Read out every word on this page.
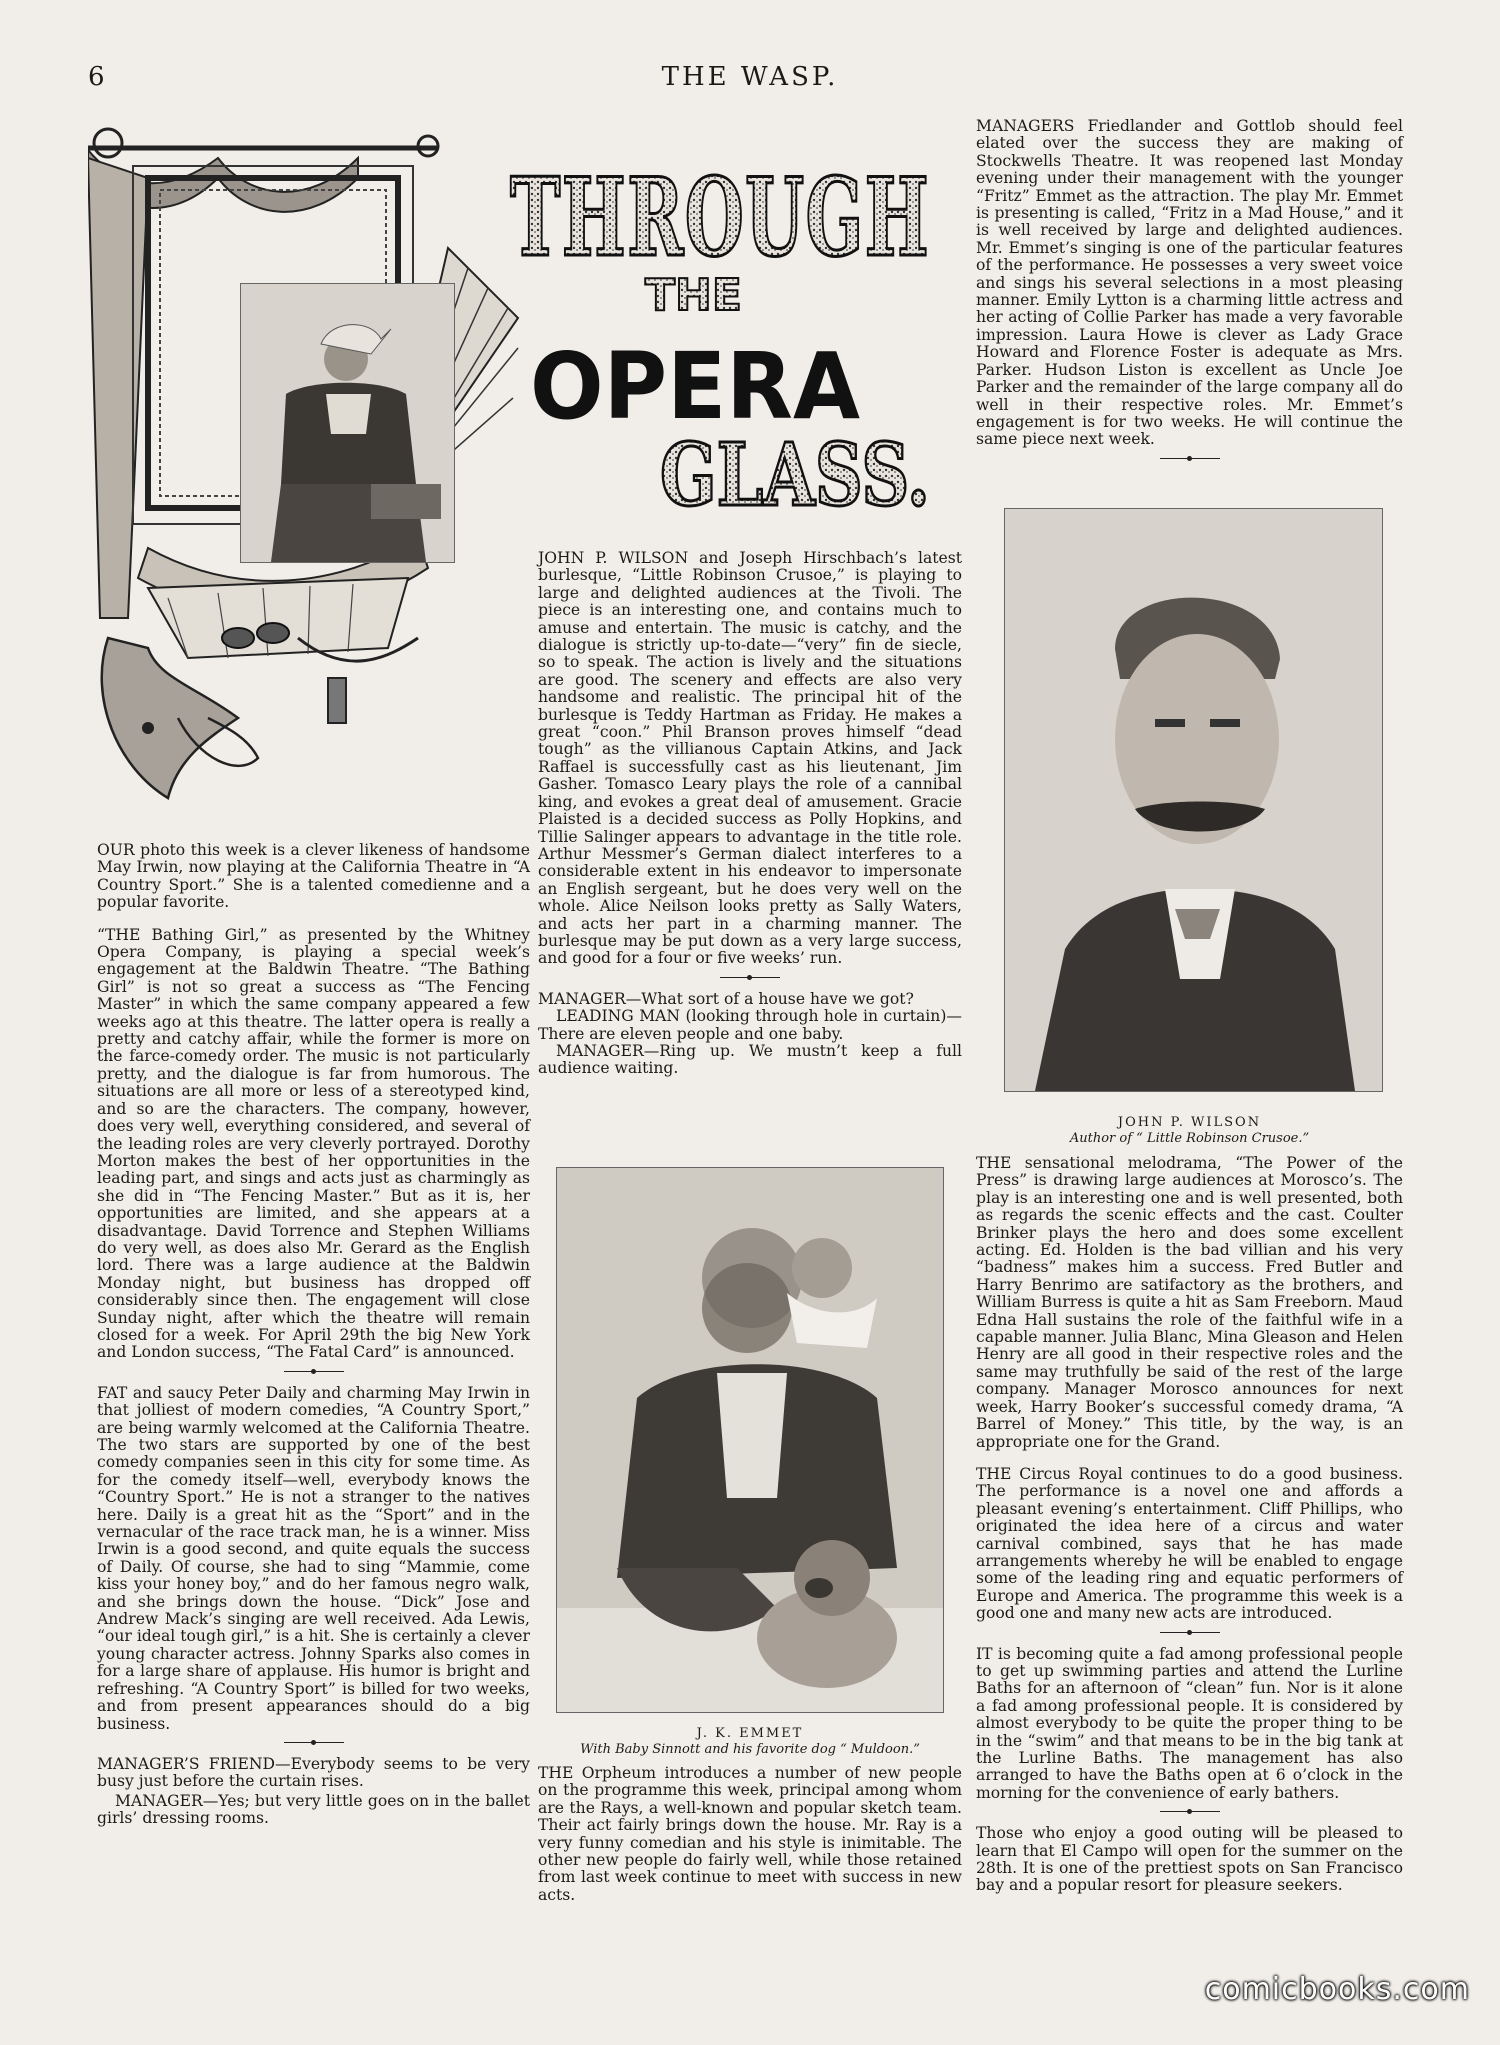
6	THE WASP.
THROUGH
THE
OPERA
GLASS.

OUR photo this week is a clever likeness of handsome May Irwin, now playing at the California Theatre in “A Country Sport.” She is a talented comedienne and a popular favorite.

“THE Bathing Girl,” as presented by the Whitney Opera Company, is playing a special week’s engagement at the Baldwin Theatre. “The Bathing Girl” is not so great a success as “The Fencing Master” in which the same company appeared a few weeks ago at this theatre. The latter opera is really a pretty and catchy affair, while the former is more on the farce-comedy order. The music is not particularly pretty, and the dialogue is far from humorous. The situations are all more or less of a stereotyped kind, and so are the characters. The company, however, does very well, everything considered, and several of the leading roles are very cleverly portrayed. Dorothy Morton makes the best of her opportunities in the leading part, and sings and acts just as charmingly as she did in “The Fencing Master.” But as it is, her opportunities are limited, and she appears at a disadvantage. David Torrence and Stephen Williams do very well, as does also Mr. Gerard as the English lord. There was a large audience at the Baldwin Monday night, but business has dropped off considerably since then. The engagement will close Sunday night, after which the theatre will remain closed for a week. For April 29th the big New York and London success, “The Fatal Card” is announced.

FAT and saucy Peter Daily and charming May Irwin in that jolliest of modern comedies, “A Country Sport,” are being warmly welcomed at the California Theatre. The two stars are supported by one of the best comedy companies seen in this city for some time. As for the comedy itself—well, everybody knows the “Country Sport.” He is not a stranger to the natives here. Daily is a great hit as the “Sport” and in the vernacular of the race track man, he is a winner. Miss Irwin is a good second, and quite equals the success of Daily. Of course, she had to sing “Mammie, come kiss your honey boy,” and do her famous negro walk, and she brings down the house. “Dick” Jose and Andrew Mack’s singing are well received. Ada Lewis, “our ideal tough girl,” is a hit. She is certainly a clever young character actress. Johnny Sparks also comes in for a large share of applause. His humor is bright and refreshing. “A Country Sport” is billed for two weeks, and from present appearances should do a big business.

MANAGER’S FRIEND—Everybody seems to be very busy just before the curtain rises.

MANAGER—Yes; but very little goes on in the ballet girls’ dressing rooms.

JOHN P. WILSON and Joseph Hirschbach’s latest burlesque, “Little Robinson Crusoe,” is playing to large and delighted audiences at the Tivoli. The piece is an interesting one, and contains much to amuse and entertain. The music is catchy, and the dialogue is strictly up-to-date—“very” fin de siecle, so to speak. The action is lively and the situations are good. The scenery and effects are also very handsome and realistic. The principal hit of the burlesque is Teddy Hartman as Friday. He makes a great “coon.” Phil Branson proves himself “dead tough” as the villianous Captain Atkins, and Jack Raffael is successfully cast as his lieutenant, Jim Gasher. Tomasco Leary plays the role of a cannibal king, and evokes a great deal of amusement. Gracie Plaisted is a decided success as Polly Hopkins, and Tillie Salinger appears to advantage in the title role. Arthur Messmer’s German dialect interferes to a considerable extent in his endeavor to impersonate an English sergeant, but he does very well on the whole. Alice Neilson looks pretty as Sally Waters, and acts her part in a charming manner. The burlesque may be put down as a very large success, and good for a four or five weeks’ run.

MANAGER—What sort of a house have we got?

LEADING MAN (looking through hole in curtain)—There are eleven people and one baby.

MANAGER—Ring up. We mustn’t keep a full audience waiting.

J. K. EMMET
With Baby Sinnott and his favorite dog “ Muldoon.”

THE Orpheum introduces a number of new people on the programme this week, principal among whom are the Rays, a well-known and popular sketch team. Their act fairly brings down the house. Mr. Ray is a very funny comedian and his style is inimitable. The other new people do fairly well, while those retained from last week continue to meet with success in new acts.

MANAGERS Friedlander and Gottlob should feel elated over the success they are making of Stockwells Theatre. It was reopened last Monday evening under their management with the younger “Fritz” Emmet as the attraction. The play Mr. Emmet is presenting is called, “Fritz in a Mad House,” and it is well received by large and delighted audiences. Mr. Emmet’s singing is one of the particular features of the performance. He possesses a very sweet voice and sings his several selections in a most pleasing manner. Emily Lytton is a charming little actress and her acting of Collie Parker has made a very favorable impression. Laura Howe is clever as Lady Grace Howard and Florence Foster is adequate as Mrs. Parker. Hudson Liston is excellent as Uncle Joe Parker and the remainder of the large company all do well in their respective roles. Mr. Emmet’s engagement is for two weeks. He will continue the same piece next week.

JOHN P. WILSON
Author of “ Little Robinson Crusoe.”

THE sensational melodrama, “The Power of the Press” is drawing large audiences at Morosco’s. The play is an interesting one and is well presented, both as regards the scenic effects and the cast. Coulter Brinker plays the hero and does some excellent acting. Ed. Holden is the bad villian and his very “badness” makes him a success. Fred Butler and Harry Benrimo are satifactory as the brothers, and William Burress is quite a hit as Sam Freeborn. Maud Edna Hall sustains the role of the faithful wife in a capable manner. Julia Blanc, Mina Gleason and Helen Henry are all good in their respective roles and the same may truthfully be said of the rest of the large company. Manager Morosco announces for next week, Harry Booker’s successful comedy drama, “A Barrel of Money.” This title, by the way, is an appropriate one for the Grand.

THE Circus Royal continues to do a good business. The performance is a novel one and affords a pleasant evening’s entertainment. Cliff Phillips, who originated the idea here of a circus and water carnival combined, says that he has made arrangements whereby he will be enabled to engage some of the leading ring and equatic performers of Europe and America. The programme this week is a good one and many new acts are introduced.

IT is becoming quite a fad among professional people to get up swimming parties and attend the Lurline Baths for an afternoon of “clean” fun. Nor is it alone a fad among professional people. It is considered by almost everybody to be quite the proper thing to be in the “swim” and that means to be in the big tank at the Lurline Baths. The management has also arranged to have the Baths open at 6 o’clock in the morning for the convenience of early bathers.

Those who enjoy a good outing will be pleased to learn that El Campo will open for the summer on the 28th. It is one of the prettiest spots on San Francisco bay and a popular resort for pleasure seekers.

comicbooks.com
